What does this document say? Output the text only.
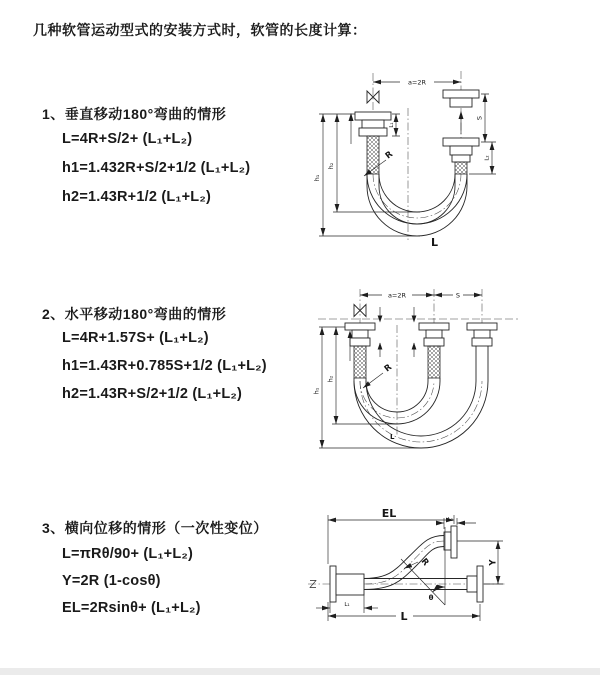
几种软管运动型式的安装方式时，软管的长度计算：
1、垂直移动180°弯曲的情形
L=4R+S/2+ (L₁+L₂)
h1=1.432R+S/2+1/2 (L₁+L₂)
h2=1.43R+1/2 (L₁+L₂)
2、水平移动180°弯曲的情形
L=4R+1.57S+ (L₁+L₂)
h1=1.43R+0.785S+1/2 (L₁+L₂)
h2=1.43R+S/2+1/2 (L₁+L₂)
3、横向位移的情形（一次性变位）
L=πRθ/90+ (L₁+L₂)
Y=2R (1-cosθ)
EL=2Rsinθ+ (L₁+L₂)
a=2R
h₁
h₂
L₁
S
L₂
R
L
a=2R	S
h₁
h₂
R
L
θ
EL	L₂
Y
L₁
L
R
